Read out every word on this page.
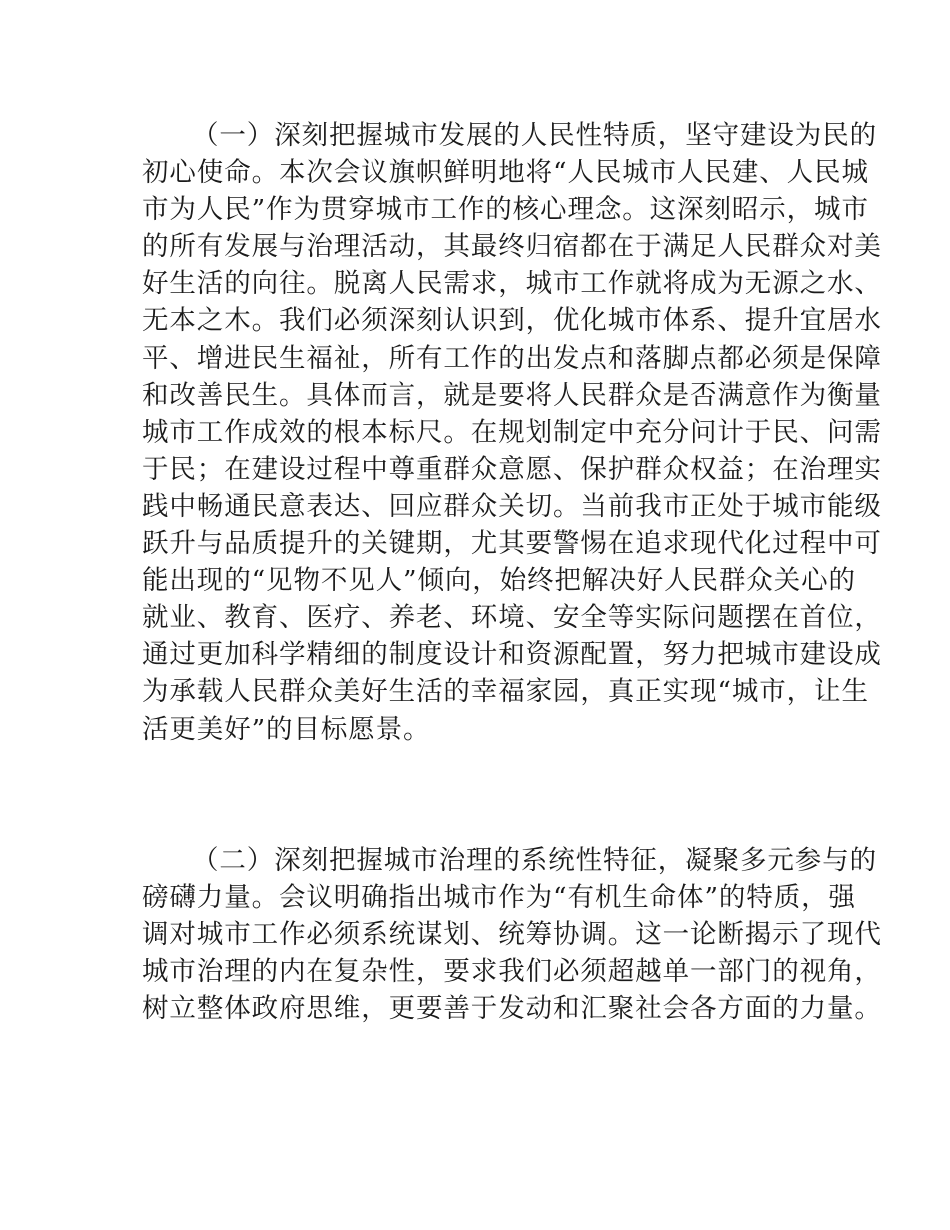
（一）深刻把握城市发展的人民性特质，坚守建设为民的
初心使命。本次会议旗帜鲜明地将“人民城市人民建、人民城
市为人民”作为贯穿城市工作的核心理念。这深刻昭示，城市
的所有发展与治理活动，其最终归宿都在于满足人民群众对美
好生活的向往。脱离人民需求，城市工作就将成为无源之水、
无本之木。我们必须深刻认识到，优化城市体系、提升宜居水
平、增进民生福祉，所有工作的出发点和落脚点都必须是保障
和改善民生。具体而言，就是要将人民群众是否满意作为衡量
城市工作成效的根本标尺。在规划制定中充分问计于民、问需
于民；在建设过程中尊重群众意愿、保护群众权益；在治理实
践中畅通民意表达、回应群众关切。当前我市正处于城市能级
跃升与品质提升的关键期，尤其要警惕在追求现代化过程中可
能出现的“见物不见人”倾向，始终把解决好人民群众关心的
就业、教育、医疗、养老、环境、安全等实际问题摆在首位，
通过更加科学精细的制度设计和资源配置，努力把城市建设成
为承载人民群众美好生活的幸福家园，真正实现“城市，让生
活更美好”的目标愿景。
（二）深刻把握城市治理的系统性特征，凝聚多元参与的
磅礴力量。会议明确指出城市作为“有机生命体”的特质，强
调对城市工作必须系统谋划、统筹协调。这一论断揭示了现代
城市治理的内在复杂性，要求我们必须超越单一部门的视角，
树立整体政府思维，更要善于发动和汇聚社会各方面的力量。
